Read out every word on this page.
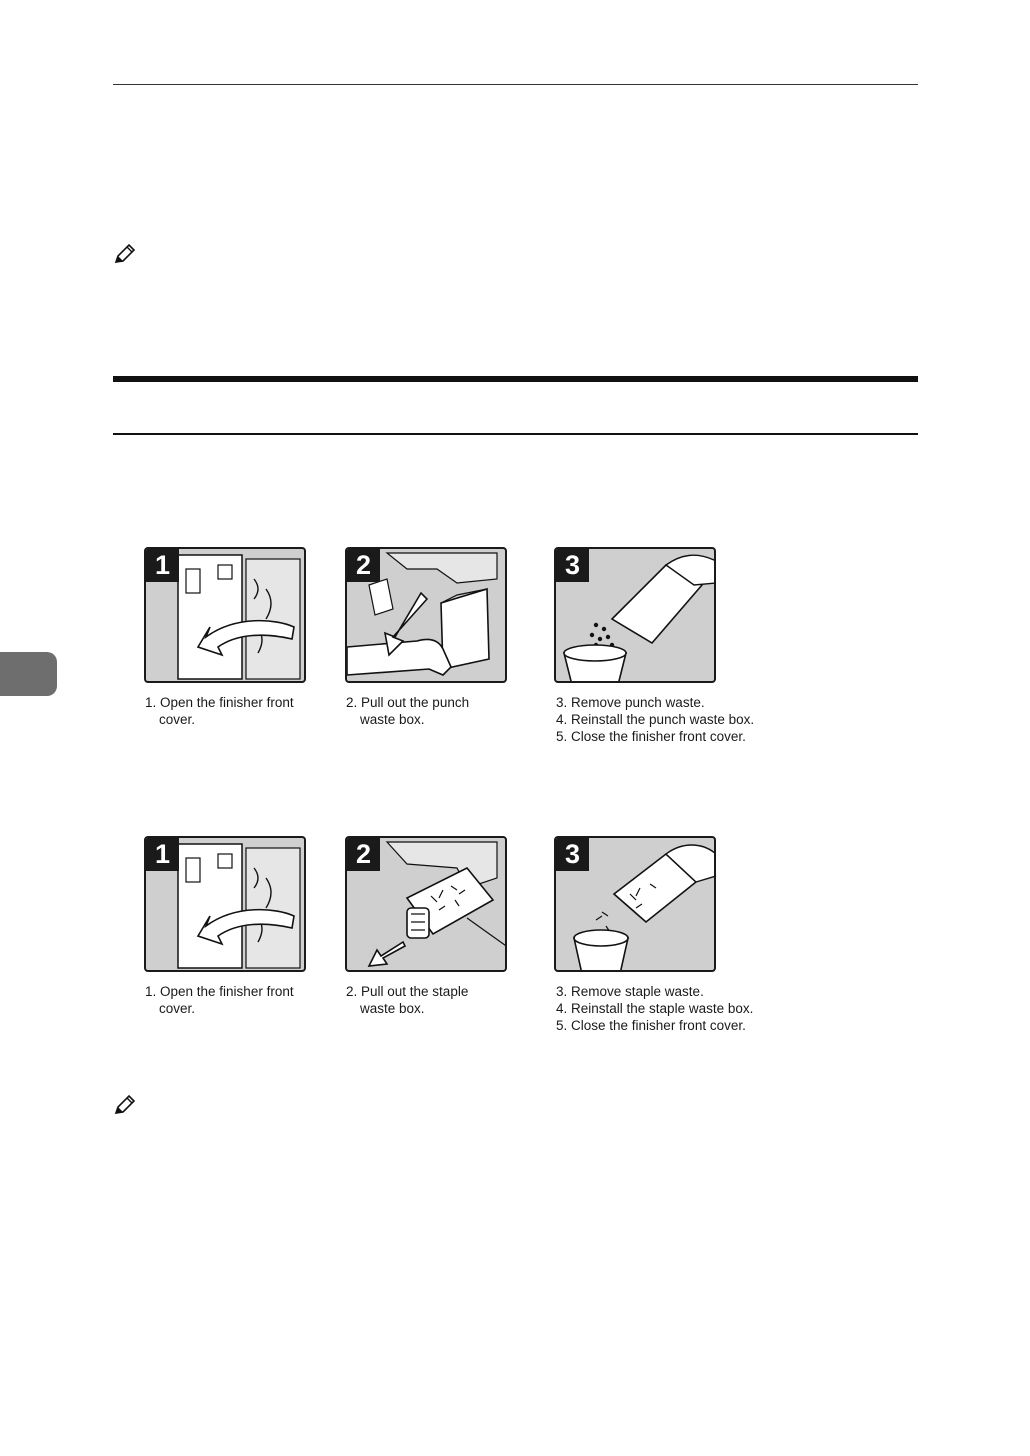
1
1. Open the finisher front
cover.
2
2. Pull out the punch
waste box.
3
3. Remove punch waste.
4. Reinstall the punch waste box.
5. Close the finisher front cover.
1
1. Open the finisher front
cover.
2
2. Pull out the staple
waste box.
3
3. Remove staple waste.
4. Reinstall the staple waste box.
5. Close the finisher front cover.
